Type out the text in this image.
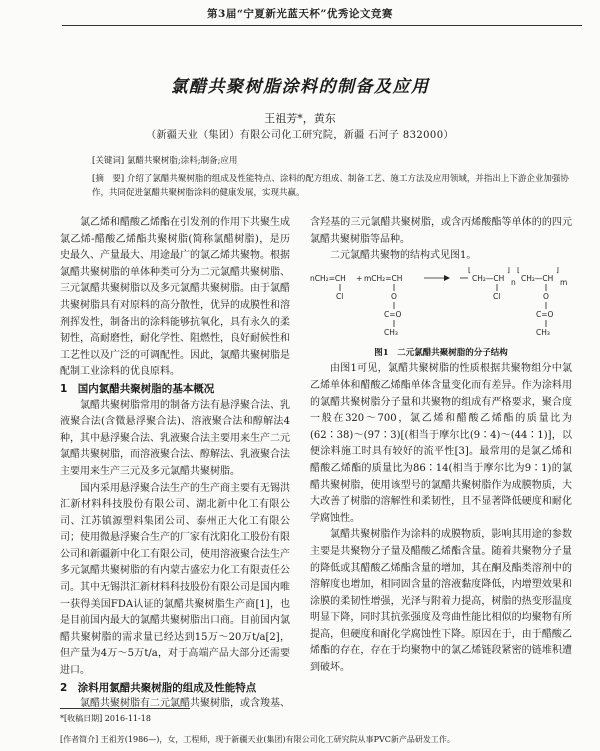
第3届“宁夏新光蓝天杯”优秀论文竞赛
氯醋共聚树脂涂料的制备及应用
王祖芳*，黄东
（新疆天业（集团）有限公司化工研究院，新疆 石河子 832000）
[关键词] 氯醋共聚树脂;涂料;制备;应用
[摘　要] 介绍了氯醋共聚树脂的组成及性能特点、涂料的配方组成、制备工艺、施工方法及应用领域，并指出上下游企业加强协作，共同促进氯醋共聚树脂涂料的健康发展，实现共赢。

氯乙烯和醋酸乙烯酯在引发剂的作用下共聚生成氯乙烯-醋酸乙烯酯共聚树脂(简称氯醋树脂)，是历史最久、产量最大、用途最广的氯乙烯共聚物。根据氯醋共聚树脂的单体种类可分为二元氯醋共聚树脂、三元氯醋共聚树脂以及多元氯醋共聚树脂。由于氯醋共聚树脂具有对原料的高分散性，优异的成膜性和溶剂挥发性，制备出的涂料能够抗氧化，具有永久的柔韧性，高耐磨性，耐化学性、阻燃性，良好耐候性和工艺性以及广泛的可调配性。因此，氯醋共聚树脂是配制工业涂料的优良原料。

1　国内氯醋共聚树脂的基本概况

氯醋共聚树脂常用的制备方法有悬浮聚合法、乳液聚合法(含微悬浮聚合法)、溶液聚合法和醇解法4种，其中悬浮聚合法、乳液聚合法主要用来生产二元氯醋共聚树脂，而溶液聚合法、醇解法、乳液聚合法主要用来生产三元及多元氯醋共聚树脂。

国内采用悬浮聚合法生产的生产商主要有无锡洪汇新材料科技股份有限公司、湖北新中化工有限公司、江苏镇源塑料集团公司、泰州正大化工有限公司；使用微悬浮聚合生产的厂家有沈阳化工股份有限公司和新疆新中化工有限公司，使用溶液聚合法生产多元氯醋共聚树脂的有内蒙古盛宏力化工有限责任公司。其中无锡洪汇新材料科技股份有限公司是国内唯一获得美国FDA认证的氯醋共聚树脂生产商[1]，也是目前国内最大的氯醋共聚树脂出口商。目前国内氯醋共聚树脂的需求量已经达到15万～20万t/a[2]，但产量为4万～5万t/a，对于高端产品大部分还需要进口。

2　涂料用氯醋共聚树脂的组成及性能特点

氯醋共聚树脂有二元氯醋共聚树脂，或含羧基、

含羟基的三元氯醋共聚树脂，或含丙烯酸酯等单体的的四元氯醋共聚树脂等品种。

二元氯醋共聚物的结构式见图1。

nCH₂=CH
Cl
+ mCH₂=CH
O
C=O
CH₃
[
CH₂—CH
Cl
]
n
[
CH₂—CH
O
C=O
CH₃
]
m

图1　二元氯醋共聚树脂的分子结构

由图1可见，氯醋共聚树脂的性质根据共聚物组分中氯乙烯单体和醋酸乙烯酯单体含量变化而有差异。作为涂料用的氯醋共聚树脂分子量和共聚物的组成有严格要求，聚合度一般在320～700，氯乙烯和醋酸乙烯酯的质量比为(62∶38)～(97∶3)[(相当于摩尔比(9∶4)～(44∶1)]，以便涂料施工时具有较好的流平性[3]。最常用的是氯乙烯和醋酸乙烯酯的质量比为86∶14(相当于摩尔比为9∶1)的氯醋共聚树脂，使用该型号的氯醋共聚树脂作为成膜物质，大大改善了树脂的溶解性和柔韧性，且不显著降低硬度和耐化学腐蚀性。

氯醋共聚树脂作为涂料的成膜物质，影响其用途的参数主要是共聚物分子量及醋酸乙烯酯含量。随着共聚物分子量的降低或其醋酸乙烯酯含量的增加，其在酮及酯类溶剂中的溶解度也增加，相同固含量的溶液黏度降低，内增塑效果和涂膜的柔韧性增强，光泽与附着力提高，树脂的热变形温度明显下降，同时其抗张强度及弯曲性能比相似的均聚物有所提高，但硬度和耐化学腐蚀性下降。原因在于，由于醋酸乙烯酯的存在，存在于均聚物中的氯乙烯链段紧密的链堆积遭到破坏。

*[收稿日期] 2016-11-18
[作者简介] 王祖芳(1986—)，女，工程师，现于新疆天业(集团)有限公司化工研究院从事PVC新产品研发工作。
